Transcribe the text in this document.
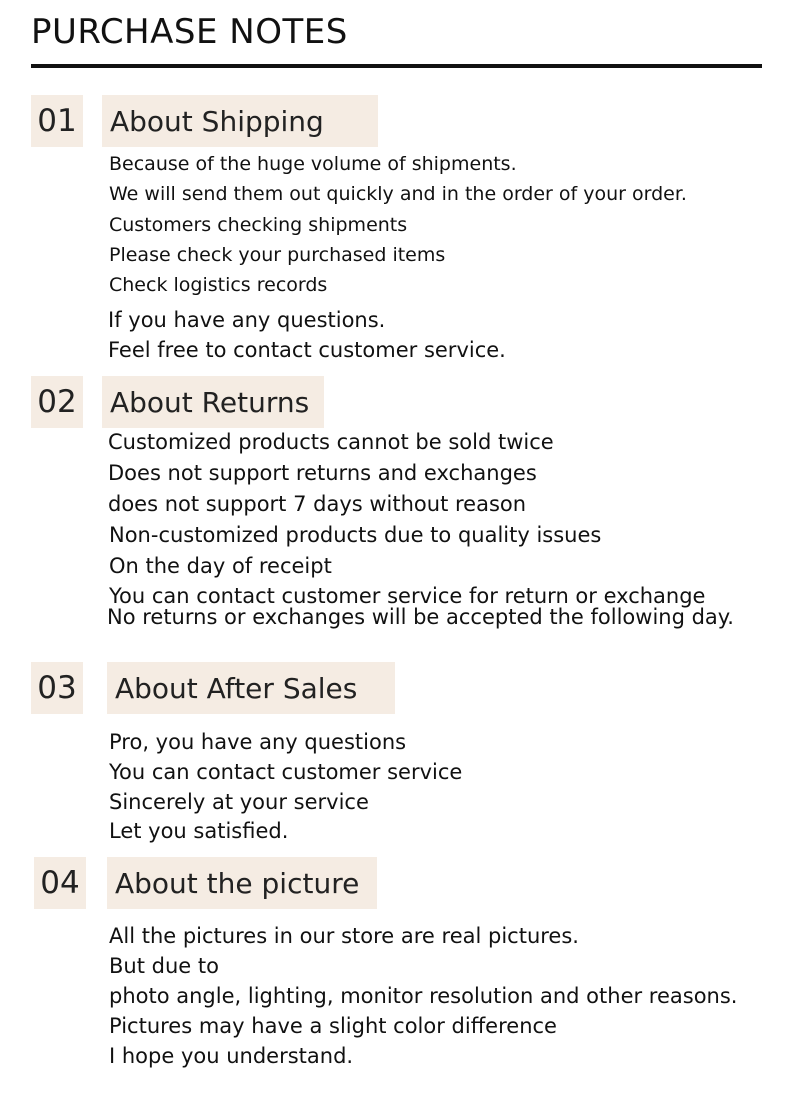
PURCHASE NOTES
01 About Shipping
Because of the huge volume of shipments.
We will send them out quickly and in the order of your order.
Customers checking shipments
Please check your purchased items
Check logistics records
If you have any questions.
Feel free to contact customer service.
02 About Returns
Customized products cannot be sold twice
Does not support returns and exchanges
does not support 7 days without reason
Non-customized products due to quality issues
On the day of receipt
You can contact customer service for return or exchange
No returns or exchanges will be accepted the following day.
03 About After Sales
Pro, you have any questions
You can contact customer service
Sincerely at your service
Let you satisfied.
04 About the picture
All the pictures in our store are real pictures.
But due to
photo angle, lighting, monitor resolution and other reasons.
Pictures may have a slight color difference
I hope you understand.
